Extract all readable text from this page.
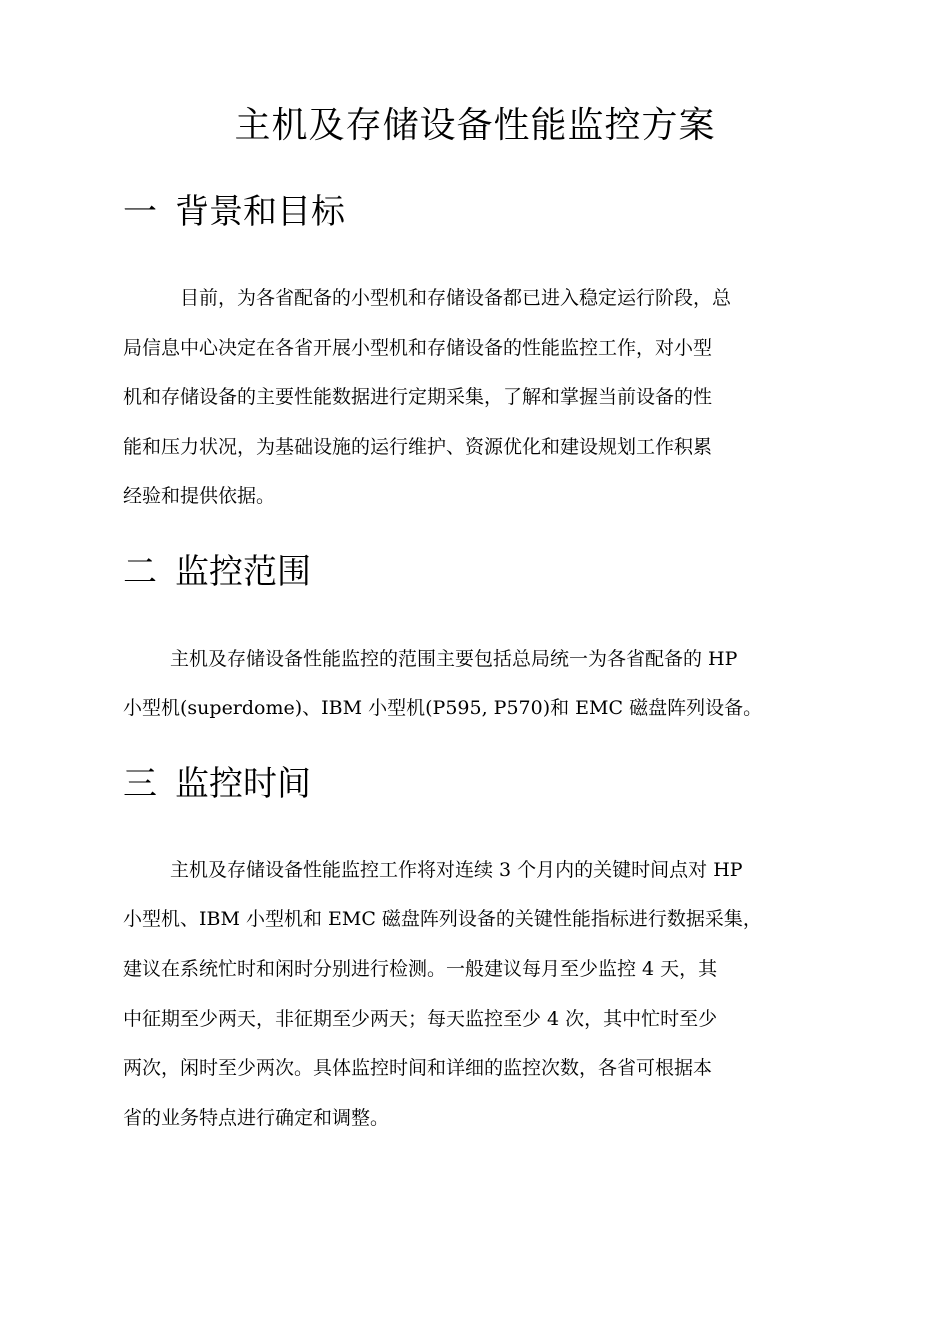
主机及存储设备性能监控方案
一 背景和目标

目前，为各省配备的小型机和存储设备都已进入稳定运行阶段，总

局信息中心决定在各省开展小型机和存储设备的性能监控工作，对小型

机和存储设备的主要性能数据进行定期采集，了解和掌握当前设备的性

能和压力状况，为基础设施的运行维护、资源优化和建设规划工作积累

经验和提供依据。

二 监控范围

主机及存储设备性能监控的范围主要包括总局统一为各省配备的 HP

小型机(superdome)、IBM 小型机(P595, P570)和 EMC 磁盘阵列设备。

三 监控时间

主机及存储设备性能监控工作将对连续 3 个月内的关键时间点对 HP

小型机、IBM 小型机和 EMC 磁盘阵列设备的关键性能指标进行数据采集，

建议在系统忙时和闲时分别进行检测。一般建议每月至少监控 4 天，其

中征期至少两天，非征期至少两天；每天监控至少 4 次，其中忙时至少

两次，闲时至少两次。具体监控时间和详细的监控次数，各省可根据本

省的业务特点进行确定和调整。
